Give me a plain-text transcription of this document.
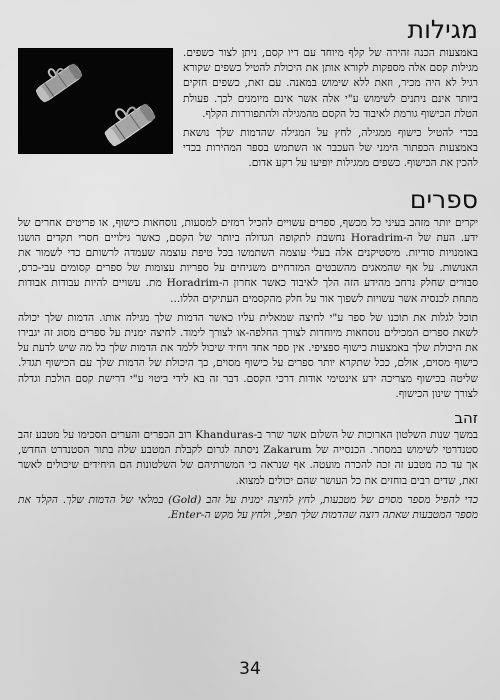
מגילות

באמצעות הכנה זהירה של קלף מיוחד עם דיו קסם, ניתן לצור כשפים. מגילות קסם אלה מספקות לקורא אותן את היכולת להטיל כשפים שקורא רגיל לא היה מכיר, וזאת ללא שימוש במאנה. עם זאת, כשפים חזקים ביותר אינם ניתנים לשימוש ע"י אלה אשר אינם מיומנים לכך. פעולת הטלת הכישוף גורמת לאיבוד כל הקסם מהמגילה ולהתפוררות הקלף.

בכדי להטיל כישוף ממגילה, לחץ על המגילה שהדמות שלך נושאת באמצעות הכפתור הימני של העכבר או השתמש בספר המהירות בכדי להכין את הכישוף. כשפים ממגילות יופיעו על רקע אדום.

ספרים

יקרים יותר מזהב בעיני כל מכשף, ספרים עשויים להכיל רמזים למסעות, נוסחאות כישוף, או פריטים אחרים של ידע. העת של ה-Horadrim נחשבת לתקופה הגדולה ביותר של הקסם, כאשר גילויים חסרי תקדים הושגו באומנויות סודיות. מיסטיקנים אלה בעלי עוצמה השתמשו בכל טיפת עוצמה שעמדה לרשותם כדי לשמור את האנושות. על אף שהמאגים מהשבטים המזרחיים משגיחים על ספריות עצומות של ספרים קסומים עבי-כרס, סבורים שחלק נרחב מהידע הזה הלך לאיבוד כאשר אחרון ה-Horadrim מת. עשויים להיות עבודות אבודות מתחת לכנסיה אשר עשויות לשפוך אור על חלק מהקסמים העתיקים הללו...

תוכל לגלות את תוכנו של ספר ע"י לחיצה שמאלית עליו כאשר הדמות שלך מגילה אותו. הדמות שלך יכולה לשאת ספרים המכילים נוסחאות מיוחדות לצורך החלפה-או לצורך לימוד. לחיצה ימנית על ספרים מסוג זה יגבירו את היכולת שלך באמצעות כישוף ספציפי. אין ספר אחד ויחיד שיכול ללמד את הדמות שלך כל מה שיש לדעת על כישוף מסוים, אולם, ככל שתקרא יותר ספרים על כישוף מסוים, כך היכולת של הדמות שלך עם הכישוף תגדל. שליטה בכישוף מצריכה ידע אינטימי אודות דרכי הקסם. דבר זה בא לידי ביטוי ע"י דרישת קסם הולכת וגדלה לצורך שינון הכישוף.

זהב

במשך שנות השלטון הארוכות של השלום אשר שרר ב-Khanduras רוב הכפרים והערים הסכימו על מטבע זהב סטנדרטי לשימוש במסחר. הכנסייה של Zakarum ניסתה לגרום לקבלת המטבע שלה בתור הסטנדרט החדש, אך עד כה מטבע זה זכה להכרה מועטה. אף שנראה כי המשרתיהם של השלטונות הם היחידים שיכולים לאשר זאת, שדים רבים בוחזים את כל העושר שהם יכולים למצוא.

כדי להפיל מספר מסוים של מטבעות, לחץ לחיצה ימנית על זהב (Gold) במלאי של הדמות שלך. הקלד את מספר המטבעות שאתה רוצה שהדמות שלך תפיל, ולחץ על מקש ה-Enter.

34
